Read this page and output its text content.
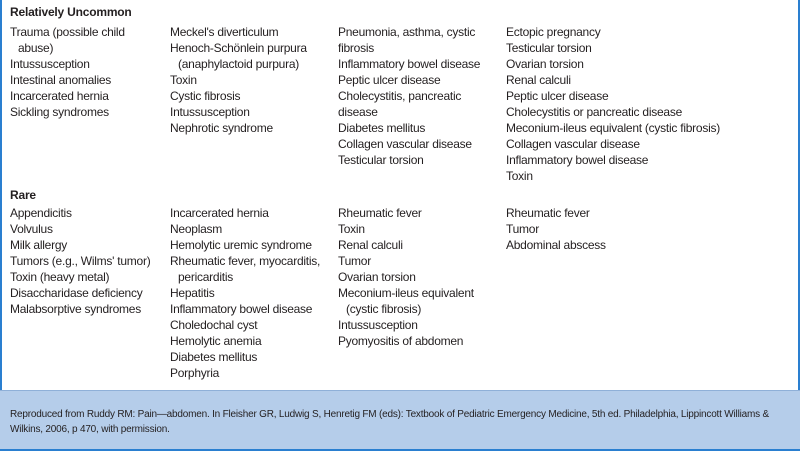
Relatively Uncommon
Trauma (possible child
abuse)
Intussusception
Intestinal anomalies
Incarcerated hernia
Sickling syndromes
Meckel's diverticulum
Henoch-Schönlein purpura
(anaphylactoid purpura)
Toxin
Cystic fibrosis
Intussusception
Nephrotic syndrome
Pneumonia, asthma, cystic
fibrosis
Inflammatory bowel disease
Peptic ulcer disease
Cholecystitis, pancreatic
disease
Diabetes mellitus
Collagen vascular disease
Testicular torsion
Ectopic pregnancy
Testicular torsion
Ovarian torsion
Renal calculi
Peptic ulcer disease
Cholecystitis or pancreatic disease
Meconium-ileus equivalent (cystic fibrosis)
Collagen vascular disease
Inflammatory bowel disease
Toxin
Rare
Appendicitis
Volvulus
Milk allergy
Tumors (e.g., Wilms' tumor)
Toxin (heavy metal)
Disaccharidase deficiency
Malabsorptive syndromes
Incarcerated hernia
Neoplasm
Hemolytic uremic syndrome
Rheumatic fever, myocarditis,
pericarditis
Hepatitis
Inflammatory bowel disease
Choledochal cyst
Hemolytic anemia
Diabetes mellitus
Porphyria
Rheumatic fever
Toxin
Renal calculi
Tumor
Ovarian torsion
Meconium-ileus equivalent
(cystic fibrosis)
Intussusception
Pyomyositis of abdomen
Rheumatic fever
Tumor
Abdominal abscess
Reproduced from Ruddy RM: Pain—abdomen. In Fleisher GR, Ludwig S, Henretig FM (eds): Textbook of Pediatric Emergency Medicine, 5th ed. Philadelphia, Lippincott Williams & Wilkins, 2006, p 470, with permission.
